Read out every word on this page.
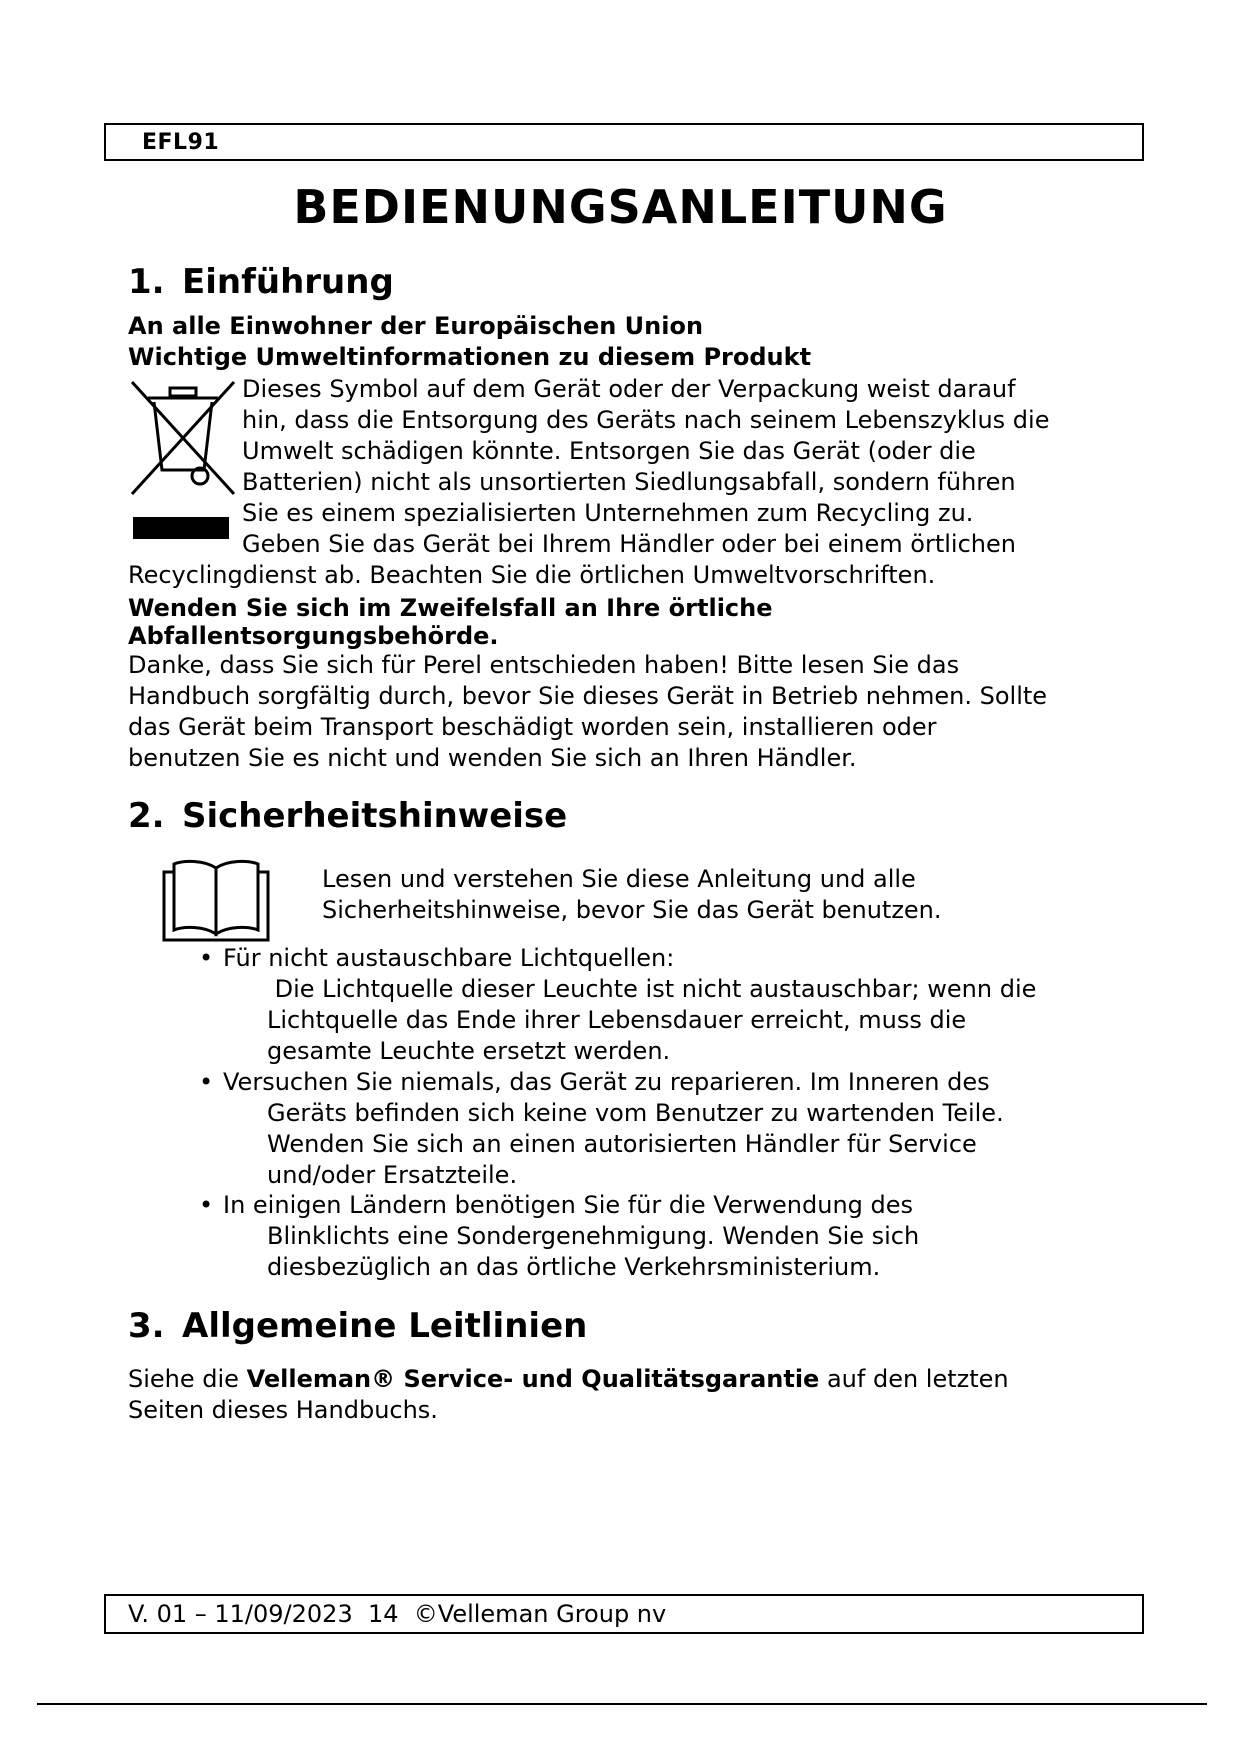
EFL91
BEDIENUNGSANLEITUNG
1. Einführung
An alle Einwohner der Europäischen Union
Wichtige Umweltinformationen zu diesem Produkt
Dieses Symbol auf dem Gerät oder der Verpackung weist darauf
hin, dass die Entsorgung des Geräts nach seinem Lebenszyklus die
Umwelt schädigen könnte. Entsorgen Sie das Gerät (oder die
Batterien) nicht als unsortierten Siedlungsabfall, sondern führen
Sie es einem spezialisierten Unternehmen zum Recycling zu.
Geben Sie das Gerät bei Ihrem Händler oder bei einem örtlichen
Recyclingdienst ab. Beachten Sie die örtlichen Umweltvorschriften.
Wenden Sie sich im Zweifelsfall an Ihre örtliche
Abfallentsorgungsbehörde.
Danke, dass Sie sich für Perel entschieden haben! Bitte lesen Sie das
Handbuch sorgfältig durch, bevor Sie dieses Gerät in Betrieb nehmen. Sollte
das Gerät beim Transport beschädigt worden sein, installieren oder
benutzen Sie es nicht und wenden Sie sich an Ihren Händler.
2. Sicherheitshinweise
Lesen und verstehen Sie diese Anleitung und alle
Sicherheitshinweise, bevor Sie das Gerät benutzen.
• Für nicht austauschbare Lichtquellen:
Die Lichtquelle dieser Leuchte ist nicht austauschbar; wenn die
Lichtquelle das Ende ihrer Lebensdauer erreicht, muss die
gesamte Leuchte ersetzt werden.
• Versuchen Sie niemals, das Gerät zu reparieren. Im Inneren des
Geräts befinden sich keine vom Benutzer zu wartenden Teile.
Wenden Sie sich an einen autorisierten Händler für Service
und/oder Ersatzteile.
• In einigen Ländern benötigen Sie für die Verwendung des
Blinklichts eine Sondergenehmigung. Wenden Sie sich
diesbezüglich an das örtliche Verkehrsministerium.
3. Allgemeine Leitlinien
Siehe die Velleman® Service- und Qualitätsgarantie auf den letzten
Seiten dieses Handbuchs.
V. 01 – 11/09/2023  14  ©Velleman Group nv
